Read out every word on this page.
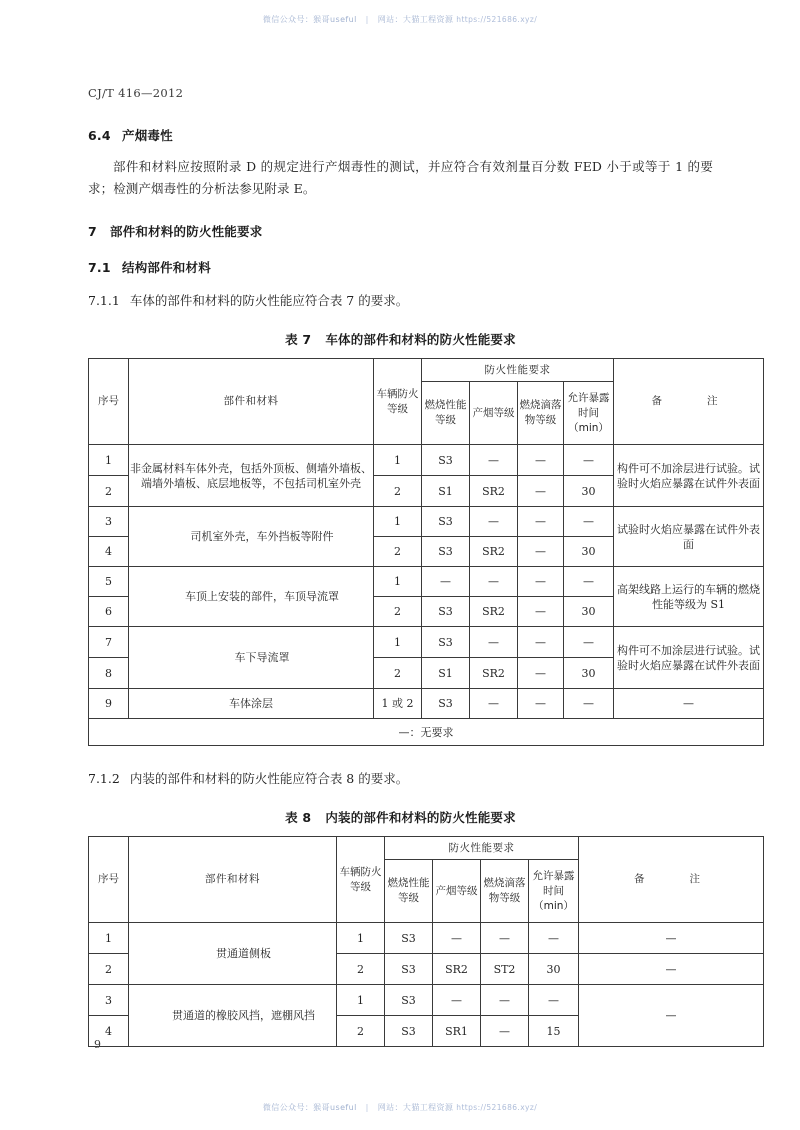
微信公众号：猴哥useful | 网站：大猫工程资源 https://521686.xyz/
CJ/T 416—2012
6.4 产烟毒性

部件和材料应按照附录 D 的规定进行产烟毒性的测试，并应符合有效剂量百分数 FED 小于或等于 1 的要求；检测产烟毒性的分析法参见附录 E。

7 部件和材料的防火性能要求
7.1 结构部件和材料

7.1.1 车体的部件和材料的防火性能应符合表 7 的要求。

表 7 车体的部件和材料的防火性能要求

序号	部件和材料	车辆防火等级	防火性能要求				备　　注
			燃烧性能等级	产烟等级	燃烧滴落物等级	允许暴露时间（min）	
1	非金属材料车体外壳，包括外顶板、侧墙外墙板、端墙外墙板、底层地板等，不包括司机室外壳	1	S3	—	—	—	构件可不加涂层进行试验。试验时火焰应暴露在试件外表面
2		2	S1	SR2	—	30	
3	司机室外壳，车外挡板等附件	1	S3	—	—	—	试验时火焰应暴露在试件外表面
4		2	S3	SR2	—	30	
5	车顶上安装的部件，车顶导流罩	1	—	—	—	—	高架线路上运行的车辆的燃烧性能等级为 S1
6		2	S3	SR2	—	30	
7	车下导流罩	1	S3	—	—	—	构件可不加涂层进行试验。试验时火焰应暴露在试件外表面
8		2	S1	SR2	—	30	
9	车体涂层	1 或 2	S3	—	—	—	—
—：无要求							

7.1.2 内装的部件和材料的防火性能应符合表 8 的要求。

表 8 内装的部件和材料的防火性能要求

序号	部件和材料	车辆防火等级	防火性能要求				备　　注
			燃烧性能等级	产烟等级	燃烧滴落物等级	允许暴露时间（min）	
1	贯通道侧板	1	S3	—	—	—	—
2		2	S3	SR2	ST2	30	—
3	贯通道的橡胶风挡，遮棚风挡	1	S3	—	—	—	—
4		2	S3	SR1	—	15	
9
微信公众号：猴哥useful | 网站：大猫工程资源 https://521686.xyz/
